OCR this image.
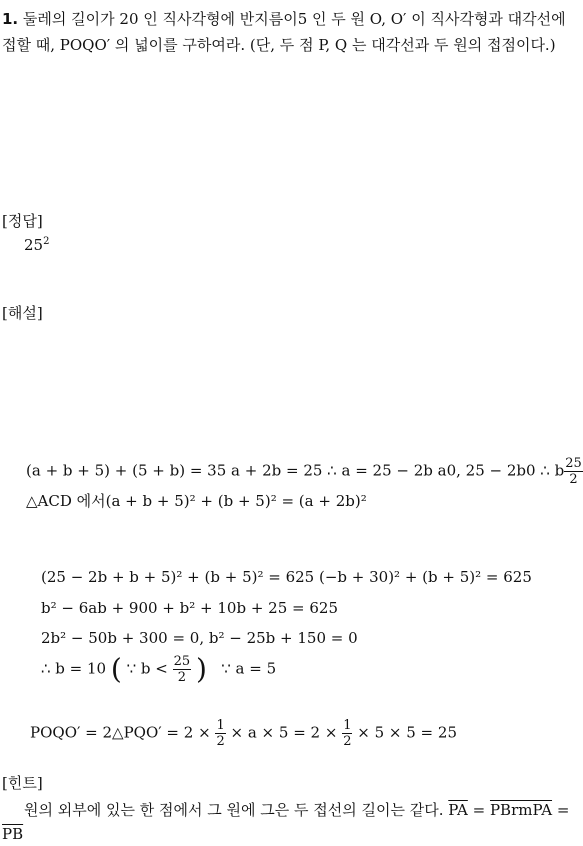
1. 둘레의 길이가 20 인 직사각형에 반지름이5 인 두 원 O, O′ 이 직사각형과 대각선에 접할 때, POQO′ 의 넓이를 구하여라. (단, 두 점 P, Q 는 대각선과 두 원의 접점이다.)
[정답]
$25^2$
[해설]
(a + b + 5) + (5 + b) = 35 a + 2b = 25 ∴ a = 25 − 2b a0, 25 − 2b0 ∴ b $\frac{25}{2}$
△ACD 에서(a + b + 5)² + (b + 5)² = (a + 2b)²
(25 − 2b + b + 5)² + (b + 5)² = 625 (−b + 30)² + (b + 5)² = 625
b² − 6ab + 900 + b² + 10b + 25 = 625
2b² − 50b + 300 = 0, b² − 25b + 150 = 0
∴ b = 10 ( ∵ $b < \frac{25}{2}$ ) ∵ a = 5
POQO′ = 2△PQO′ = $2 \times \frac{1}{2} \times a \times 5 = 2 \times \frac{1}{2} \times 5 \times 5 = 25$
[힌트]
원의 외부에 있는 한 점에서 그 원에 그은 두 접선의 길이는 같다. $\overline{PA}$ = PBrmPA = $\overline{PB}$
